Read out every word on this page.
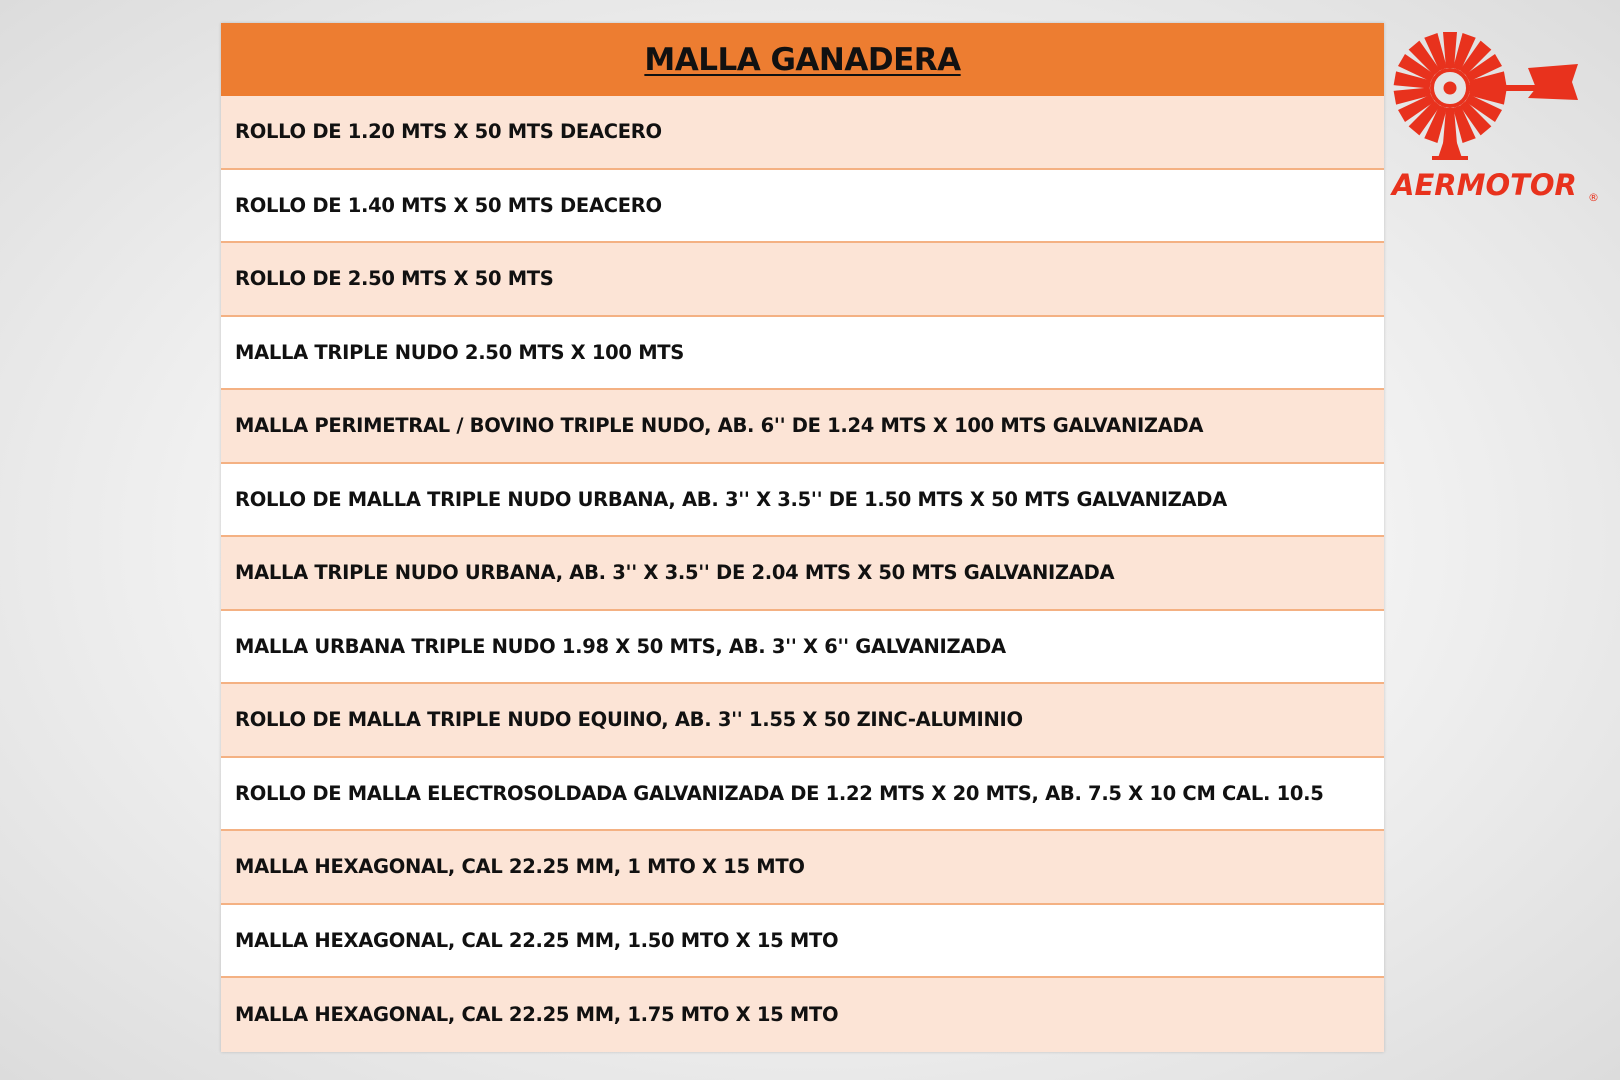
MALLA GANADERA
ROLLO DE 1.20 MTS X 50 MTS DEACERO
ROLLO DE 1.40 MTS X 50 MTS DEACERO
ROLLO DE 2.50 MTS X 50 MTS
MALLA TRIPLE NUDO 2.50 MTS X 100 MTS
MALLA PERIMETRAL / BOVINO TRIPLE NUDO, AB. 6'' DE 1.24 MTS X 100 MTS GALVANIZADA
ROLLO DE MALLA TRIPLE NUDO URBANA, AB. 3'' X 3.5'' DE 1.50 MTS X 50 MTS GALVANIZADA
MALLA TRIPLE NUDO URBANA, AB. 3'' X 3.5'' DE 2.04 MTS X 50 MTS GALVANIZADA
MALLA URBANA TRIPLE NUDO 1.98 X 50 MTS, AB. 3'' X 6'' GALVANIZADA
ROLLO DE MALLA TRIPLE NUDO EQUINO, AB. 3'' 1.55 X 50 ZINC-ALUMINIO
ROLLO DE MALLA ELECTROSOLDADA GALVANIZADA DE 1.22 MTS X 20 MTS, AB. 7.5 X 10 CM CAL. 10.5
MALLA HEXAGONAL, CAL 22.25 MM, 1 MTO X 15 MTO
MALLA HEXAGONAL, CAL 22.25 MM, 1.50 MTO X 15 MTO
MALLA HEXAGONAL, CAL 22.25 MM, 1.75 MTO X 15 MTO
AERMOTOR ®
